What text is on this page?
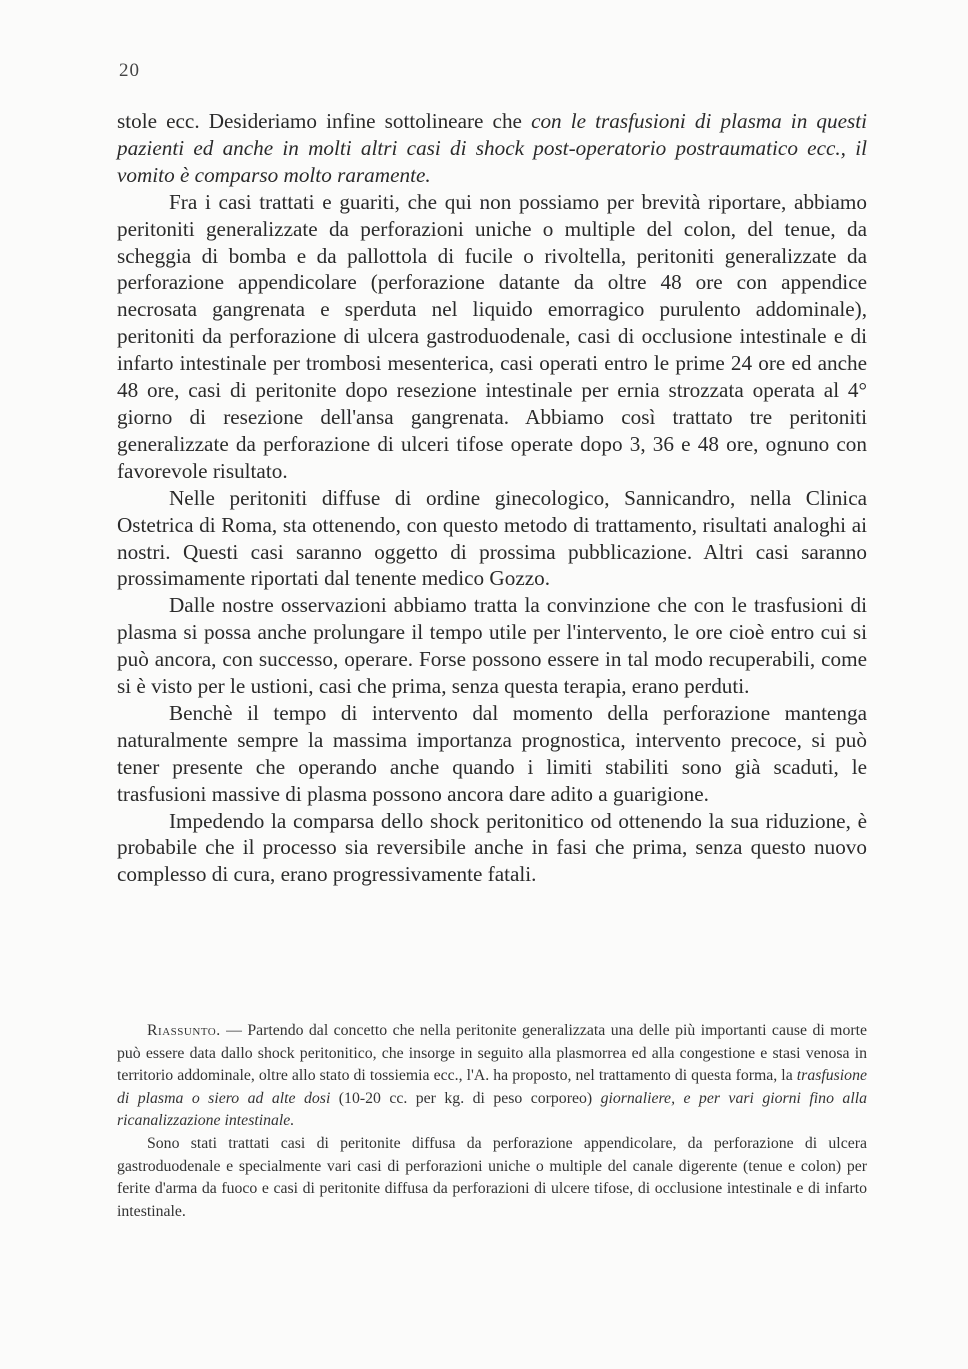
20

stole ecc. Desideriamo infine sottolineare che con le trasfusioni di plasma in questi pazienti ed anche in molti altri casi di shock post-operatorio postraumatico ecc., il vomito è comparso molto raramente.

Fra i casi trattati e guariti, che qui non possiamo per brevità riportare, abbiamo peritoniti generalizzate da perforazioni uniche o multiple del colon, del tenue, da scheggia di bomba e da pallottola di fucile o rivoltella, peritoniti generalizzate da perforazione appendicolare (perforazione datante da oltre 48 ore con appendice necrosata gangrenata e sperduta nel liquido emorragico purulento addominale), peritoniti da perforazione di ulcera gastroduodenale, casi di occlusione intestinale e di infarto intestinale per trombosi mesenterica, casi operati entro le prime 24 ore ed anche 48 ore, casi di peritonite dopo resezione intestinale per ernia strozzata operata al 4° giorno di resezione dell'ansa gangrenata. Abbiamo così trattato tre peritoniti generalizzate da perforazione di ulceri tifose operate dopo 3, 36 e 48 ore, ognuno con favorevole risultato.

Nelle peritoniti diffuse di ordine ginecologico, Sannicandro, nella Clinica Ostetrica di Roma, sta ottenendo, con questo metodo di trattamento, risultati analoghi ai nostri. Questi casi saranno oggetto di prossima pubblicazione. Altri casi saranno prossimamente riportati dal tenente medico Gozzo.

Dalle nostre osservazioni abbiamo tratta la convinzione che con le trasfusioni di plasma si possa anche prolungare il tempo utile per l'intervento, le ore cioè entro cui si può ancora, con successo, operare. Forse possono essere in tal modo recuperabili, come si è visto per le ustioni, casi che prima, senza questa terapia, erano perduti.

Benchè il tempo di intervento dal momento della perforazione mantenga naturalmente sempre la massima importanza prognostica, intervento precoce, si può tener presente che operando anche quando i limiti stabiliti sono già scaduti, le trasfusioni massive di plasma possono ancora dare adito a guarigione.

Impedendo la comparsa dello shock peritonitico od ottenendo la sua riduzione, è probabile che il processo sia reversibile anche in fasi che prima, senza questo nuovo complesso di cura, erano progressivamente fatali.

Riassunto. — Partendo dal concetto che nella peritonite generalizzata una delle più importanti cause di morte può essere data dallo shock peritonitico, che insorge in seguito alla plasmorrea ed alla congestione e stasi venosa in territorio addominale, oltre allo stato di tossiemia ecc., l'A. ha proposto, nel trattamento di questa forma, la trasfusione di plasma o siero ad alte dosi (10-20 cc. per kg. di peso corporeo) giornaliere, e per vari giorni fino alla ricanalizzazione intestinale.

Sono stati trattati casi di peritonite diffusa da perforazione appendicolare, da perforazione di ulcera gastroduodenale e specialmente vari casi di perforazioni uniche o multiple del canale digerente (tenue e colon) per ferite d'arma da fuoco e casi di peritonite diffusa da perforazioni di ulcere tifose, di occlusione intestinale e di infarto intestinale.
